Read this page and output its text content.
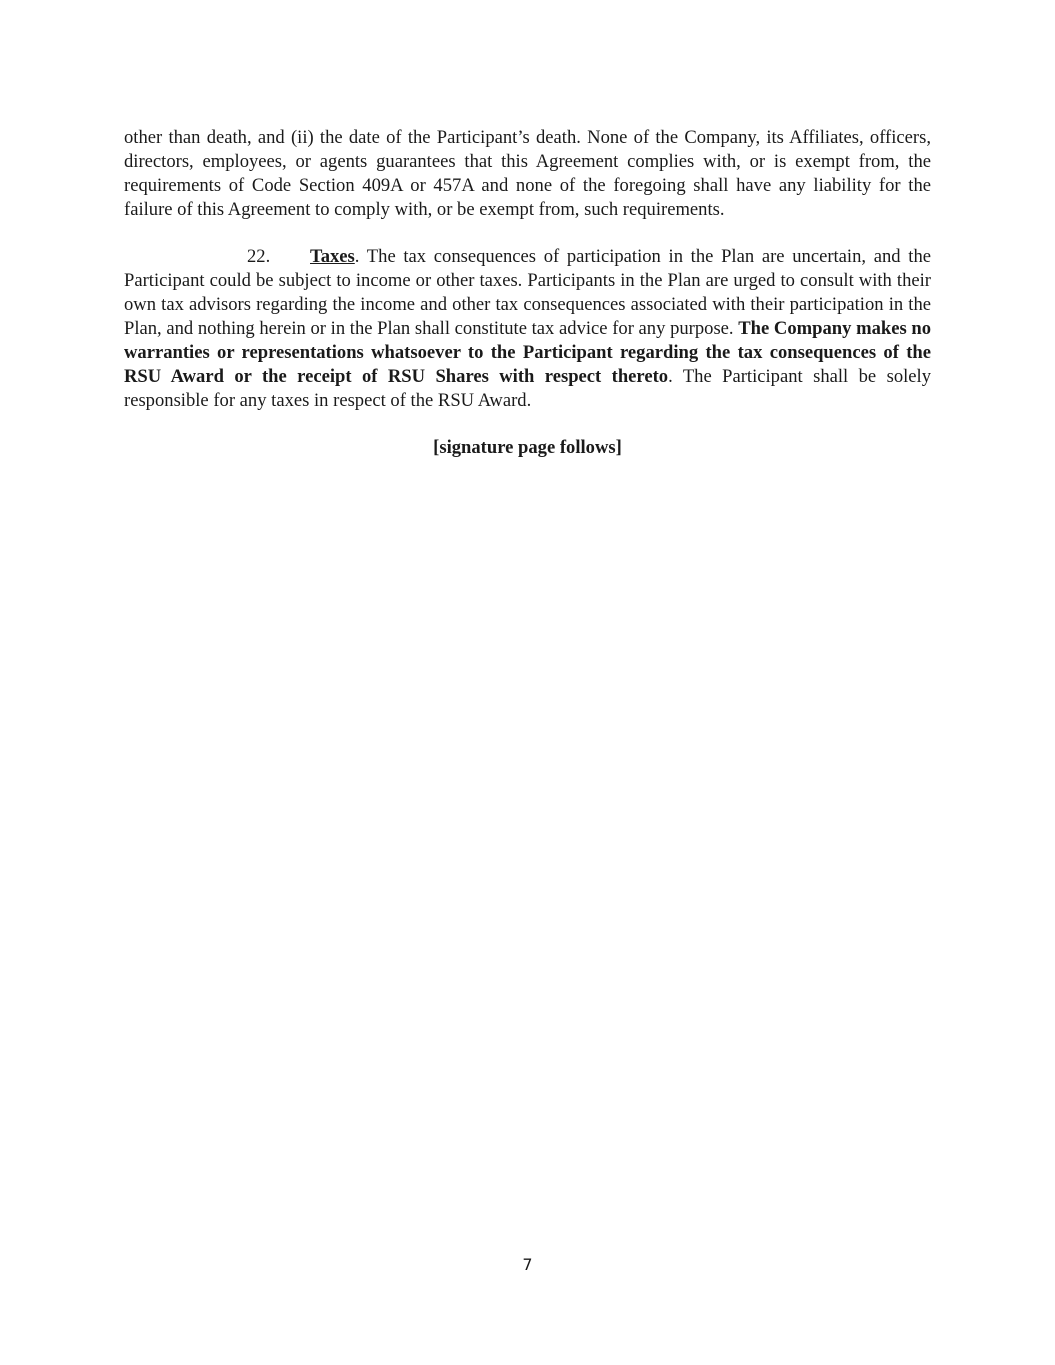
other than death, and (ii) the date of the Participant’s death. None of the Company, its Affiliates, officers, directors, employees, or agents guarantees that this Agreement complies with, or is exempt from, the requirements of Code Section 409A or 457A and none of the foregoing shall have any liability for the failure of this Agreement to comply with, or be exempt from, such requirements.

22. Taxes. The tax consequences of participation in the Plan are uncertain, and the Participant could be subject to income or other taxes. Participants in the Plan are urged to consult with their own tax advisors regarding the income and other tax consequences associated with their participation in the Plan, and nothing herein or in the Plan shall constitute tax advice for any purpose. The Company makes no warranties or representations whatsoever to the Participant regarding the tax consequences of the RSU Award or the receipt of RSU Shares with respect thereto. The Participant shall be solely responsible for any taxes in respect of the RSU Award.

[signature page follows]

7
